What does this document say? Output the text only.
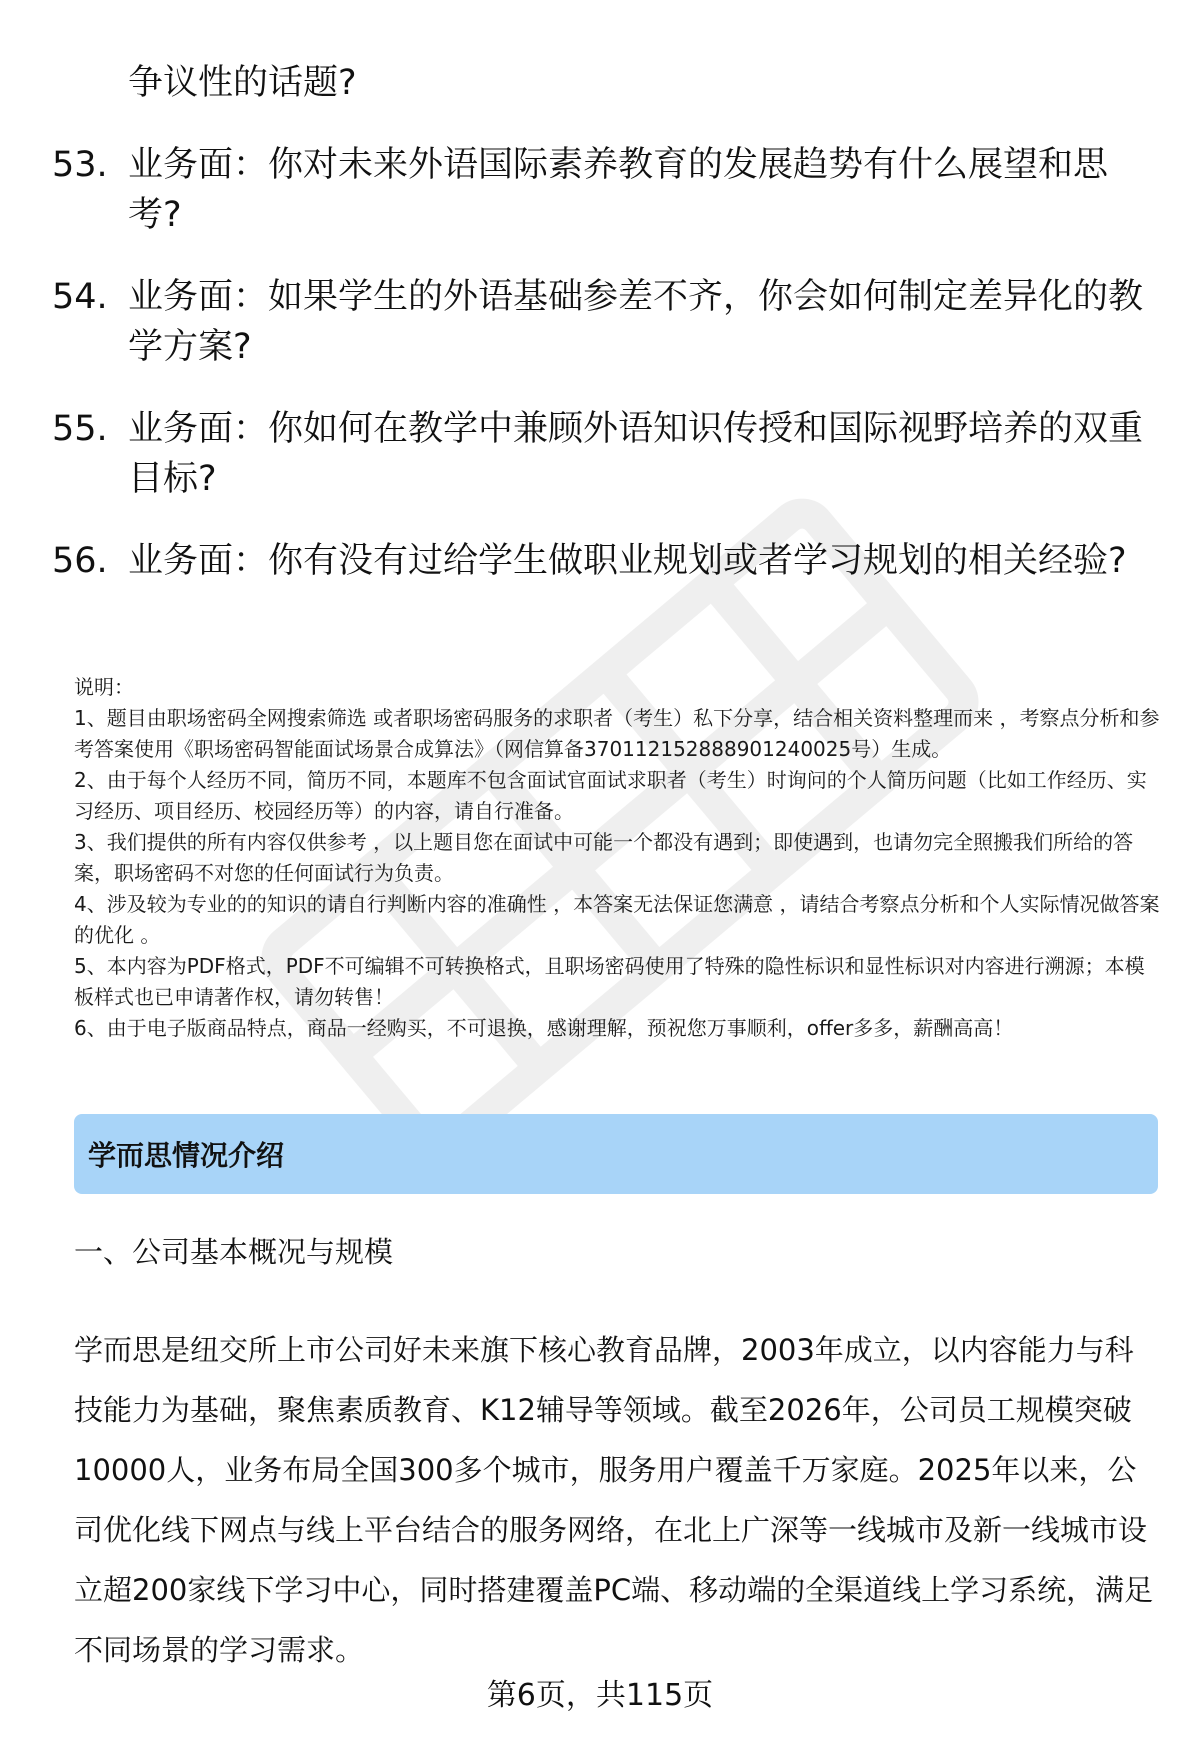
争议性的话题?

53. 业务面：你对未来外语国际素养教育的发展趋势有什么展望和思考?

54. 业务面：如果学生的外语基础参差不齐，你会如何制定差异化的教学方案?

55. 业务面：你如何在教学中兼顾外语知识传授和国际视野培养的双重目标?

56. 业务面：你有没有过给学生做职业规划或者学习规划的相关经验?

说明：

1、题目由职场密码全网搜索筛选 或者职场密码服务的求职者（考生）私下分享，结合相关资料整理而来 ，考察点分析和参考答案使用《职场密码智能面试场景合成算法》（网信算备370112152888901240025号）生成。

2、由于每个人经历不同，简历不同，本题库不包含面试官面试求职者（考生）时询问的个人简历问题（比如工作经历、实习经历、项目经历、校园经历等）的内容，请自行准备。

3、我们提供的所有内容仅供参考 ，以上题目您在面试中可能一个都没有遇到；即使遇到，也请勿完全照搬我们所给的答案，职场密码不对您的任何面试行为负责。

4、涉及较为专业的的知识的请自行判断内容的准确性 ，本答案无法保证您满意 ，请结合考察点分析和个人实际情况做答案的优化 。

5、本内容为PDF格式，PDF不可编辑不可转换格式，且职场密码使用了特殊的隐性标识和显性标识对内容进行溯源；本模板样式也已申请著作权，请勿转售！

6、由于电子版商品特点，商品一经购买，不可退换，感谢理解，预祝您万事顺利，offer多多，薪酬高高！

学而思情况介绍
一、公司基本概况与规模

学而思是纽交所上市公司好未来旗下核心教育品牌，2003年成立，以内容能力与科技能力为基础，聚焦素质教育、K12辅导等领域。截至2026年，公司员工规模突破10000人，业务布局全国300多个城市，服务用户覆盖千万家庭。2025年以来，公司优化线下网点与线上平台结合的服务网络，在北上广深等一线城市及新一线城市设立超200家线下学习中心，同时搭建覆盖PC端、移动端的全渠道线上学习系统，满足不同场景的学习需求。

第6页，共115页
